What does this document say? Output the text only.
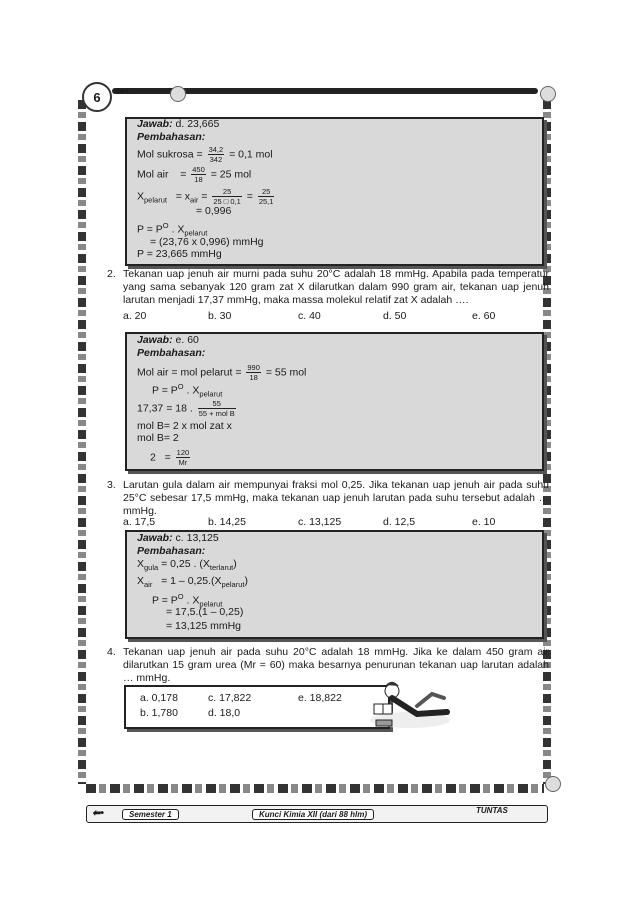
6	⬅•
Jawab: d. 23,665
Pembahasan:
Mol sukrosa = $\frac{34,2}{342} = 0,1$ mol
Mol air = $\frac{450}{18} = 25$ mol
$X_{pelarut} = x_{air} = \frac{25}{25 □ 0,1} = \frac{25}{25,1}$
= 0,996
$P = P^O$ . $X_{pelarut}$
= (23,76 x 0,996) mmHg
P = 23,665 mmHg
2. Tekanan uap jenuh air murni pada suhu 20°C adalah 18 mmHg. Apabila pada temperatur yang sama sebanyak 120 gram zat X dilarutkan dalam 990 gram air, tekanan uap jenuh larutan menjadi 17,37 mmHg, maka massa molekul relatif zat X adalah ….
a. 20	b. 30	c. 40	d. 50	e. 60
Jawab: e. 60
Pembahasan:
Mol air = mol pelarut = $\frac{990}{18} = 55$ mol
$P = P^O$ . $X_{pelarut}$
17,37 = 18 . $\frac{55}{\text{55 + mol B}}$
mol B= 2 x mol zat x
mol B= 2
$2 = \frac{120}{Mr}$
3. Larutan gula dalam air mempunyai fraksi mol 0,25. Jika tekanan uap jenuh air pada suhu 25°C sebesar 17,5 mmHg, maka tekanan uap jenuh larutan pada suhu tersebut adalah … mmHg.
a. 17,5	b. 14,25	c. 13,125	d. 12,5	e. 10
Jawab: c. 13,125
Pembahasan:
$X_{gula} = 0,25$ . $(X_{terlarut})$
$X_{air} = 1 - 0,25.(X_{pelarut})$
$P = P^O$ . $X_{pelarut}$
= 17,5.(1 – 0,25)
= 13,125 mmHg
4. Tekanan uap jenuh air pada suhu 20°C adalah 18 mmHg. Jika ke dalam 450 gram air dilarutkan 15 gram urea (Mr = 60) maka besarnya penurunan tekanan uap larutan adalah … mmHg.
a. 0,178	c. 17,822	e. 18,822
b. 1,780	d. 18,0
⬅•	Semester 1	Kunci Kimia XII (dari 88 hlm)	TUNTAS
